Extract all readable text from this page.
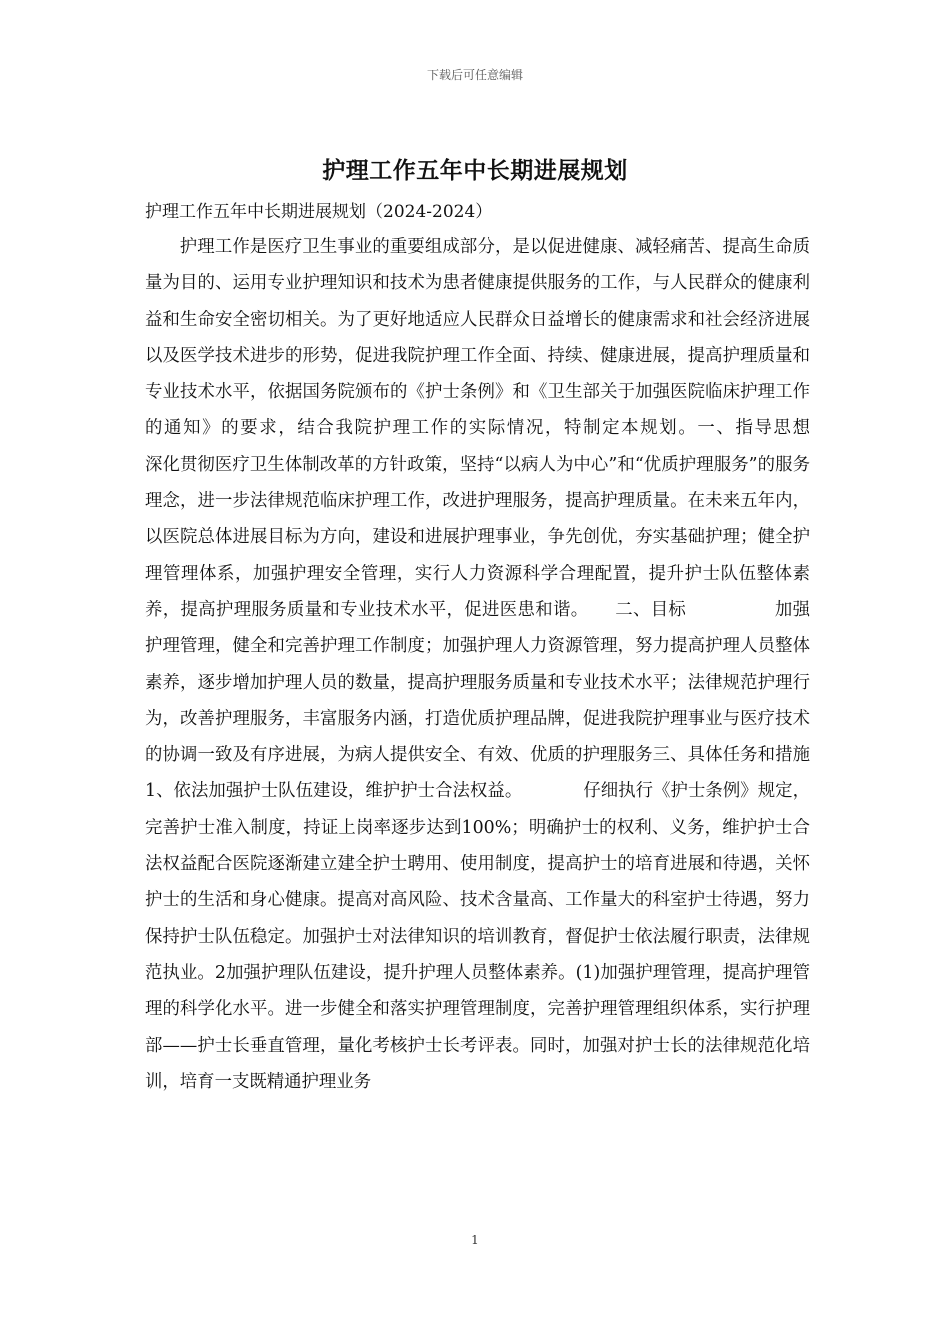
下载后可任意编辑
护理工作五年中长期进展规划
护理工作五年中长期进展规划（2024-2024）

护理工作是医疗卫生事业的重要组成部分，是以促进健康、减轻痛苦、提高生命质量为目的、运用专业护理知识和技术为患者健康提供服务的工作，与人民群众的健康利益和生命安全密切相关。为了更好地适应人民群众日益增长的健康需求和社会经济进展以及医学技术进步的形势，促进我院护理工作全面、持续、健康进展，提高护理质量和专业技术水平，依据国务院颁布的《护士条例》和《卫生部关于加强医院临床护理工作的通知》的要求，结合我院护理工作的实际情况，特制定本规划。一、指导思想　　　　深化贯彻医疗卫生体制改革的方针政策，坚持“以病人为中心”和“优质护理服务”的服务理念，进一步法律规范临床护理工作，改进护理服务，提高护理质量。在未来五年内，以医院总体进展目标为方向，建设和进展护理事业，争先创优，夯实基础护理；健全护理管理体系，加强护理安全管理，实行人力资源科学合理配置，提升护士队伍整体素养，提高护理服务质量和专业技术水平，促进医患和谐。　　二、目标　　　　　加强护理管理，健全和完善护理工作制度；加强护理人力资源管理，努力提高护理人员整体素养，逐步增加护理人员的数量，提高护理服务质量和专业技术水平；法律规范护理行为，改善护理服务，丰富服务内涵，打造优质护理品牌，促进我院护理事业与医疗技术的协调一致及有序进展，为病人提供安全、有效、优质的护理服务三、具体任务和措施　1、依法加强护士队伍建设，维护护士合法权益。　　　　仔细执行《护士条例》规定，完善护士准入制度，持证上岗率逐步达到100%；明确护士的权利、义务，维护护士合法权益配合医院逐渐建立建全护士聘用、使用制度，提高护士的培育进展和待遇，关怀护士的生活和身心健康。提高对高风险、技术含量高、工作量大的科室护士待遇，努力保持护士队伍稳定。加强护士对法律知识的培训教育，督促护士依法履行职责，法律规范执业。2加强护理队伍建设，提升护理人员整体素养。(1)加强护理管理，提高护理管理的科学化水平。进一步健全和落实护理管理制度，完善护理管理组织体系，实行护理部——护士长垂直管理，量化考核护士长考评表。同时，加强对护士长的法律规范化培训，培育一支既精通护理业务

1
